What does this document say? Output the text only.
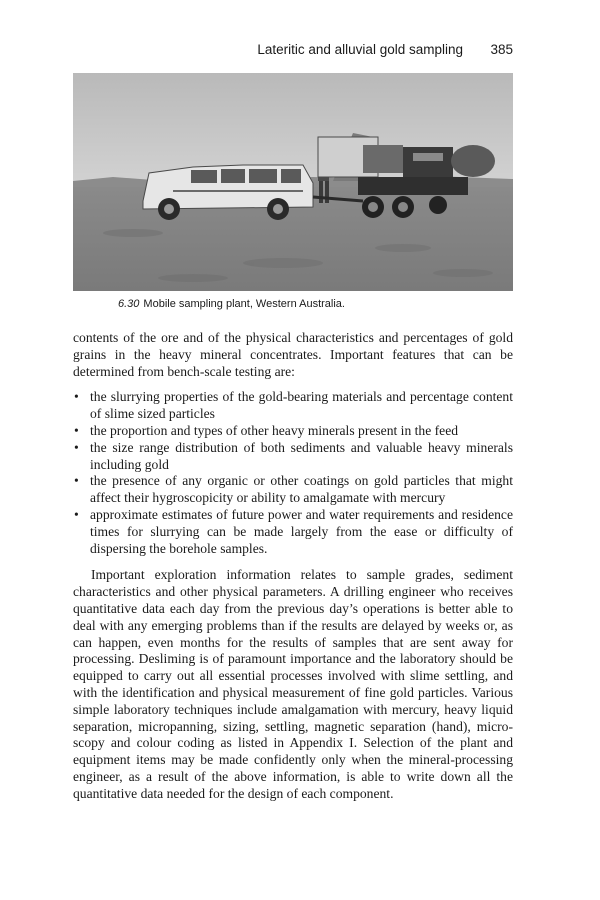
Lateritic and alluvial gold sampling 385
6.30 Mobile sampling plant, Western Australia.

contents of the ore and of the physical characteristics and percentages of gold grains in the heavy mineral concentrates. Important features that can be determined from bench-scale testing are:

• the slurrying properties of the gold-bearing materials and percentage content of slime sized particles
• the proportion and types of other heavy minerals present in the feed
• the size range distribution of both sediments and valuable heavy minerals including gold
• the presence of any organic or other coatings on gold particles that might affect their hygroscopicity or ability to amalgamate with mercury
• approximate estimates of future power and water requirements and residence times for slurrying can be made largely from the ease or difficulty of dispersing the borehole samples.

Important exploration information relates to sample grades, sediment characteristics and other physical parameters. A drilling engineer who receives quantitative data each day from the previous day’s operations is better able to deal with any emerging problems than if the results are delayed by weeks or, as can happen, even months for the results of samples that are sent away for processing. Desliming is of paramount importance and the laboratory should be equipped to carry out all essential processes involved with slime settling, and with the identification and physical measurement of fine gold particles. Various simple laboratory techniques include amalgamation with mercury, heavy liquid separation, micropanning, sizing, settling, magnetic separation (hand), micro-scopy and colour coding as listed in Appendix I. Selection of the plant and equipment items may be made confidently only when the mineral-processing engineer, as a result of the above information, is able to write down all the quantitative data needed for the design of each component.
